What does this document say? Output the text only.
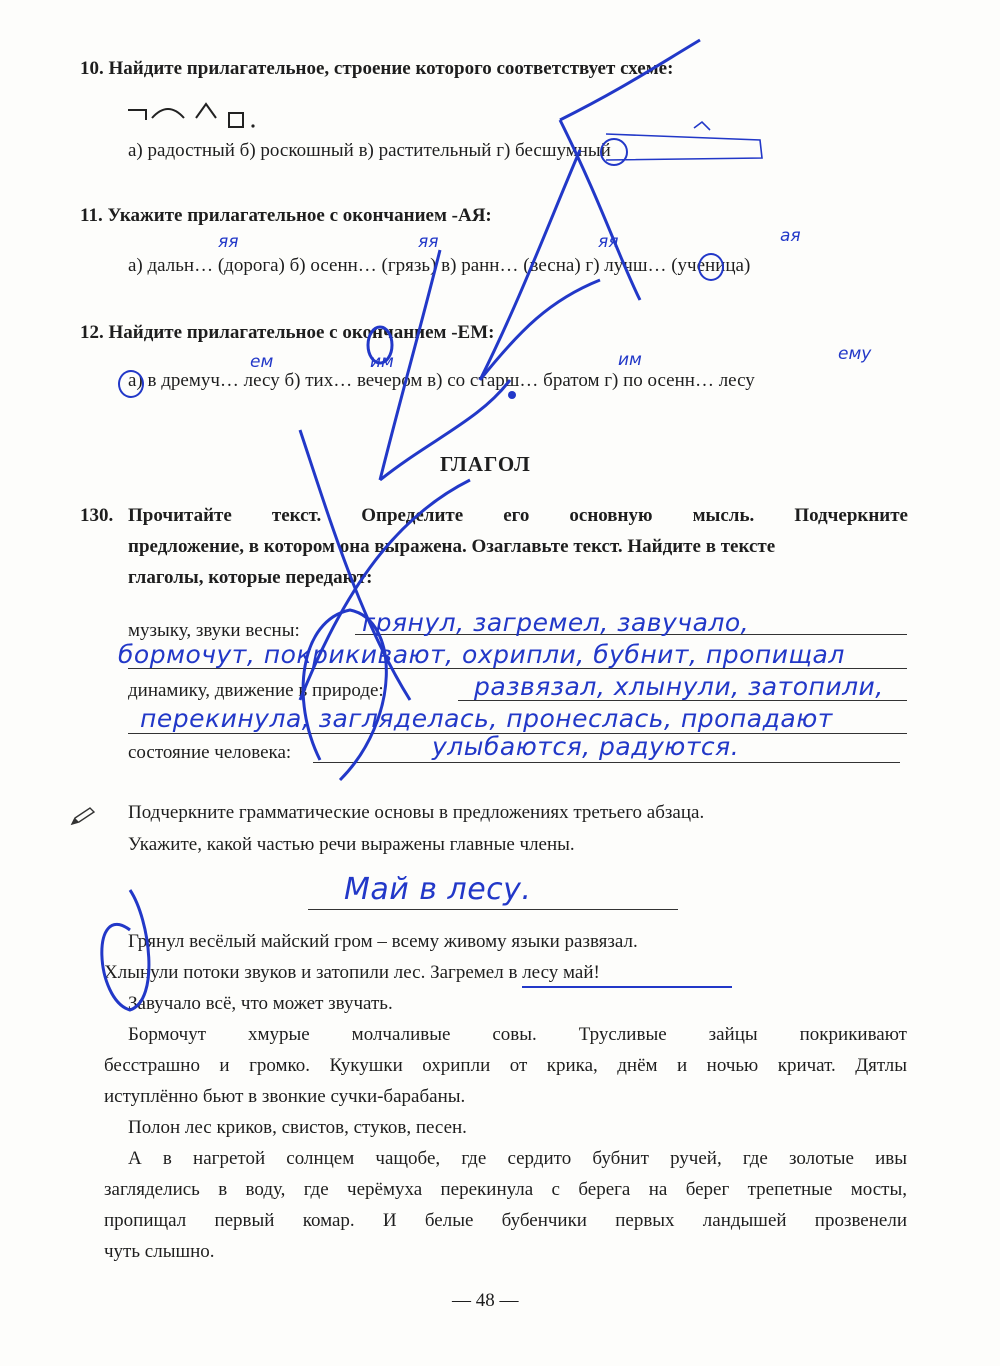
10. Найдите прилагательное, строение которого соответствует схеме:
а) радостный б) роскошный в) растительный г) бесшумный
11. Укажите прилагательное с окончанием -АЯ:
а) дальн… (дорога) б) осенн… (грязь) в) ранн… (весна) г) лучш… (ученица)
яя	яя	яя	ая
12. Найдите прилагательное с окончанием -ЕМ:
а) в дремуч… лесу б) тих… вечером в) со старш… братом г) по осенн… лесу
ем	им	им	ему
ГЛАГОЛ
130. Прочитайте текст. Определите его основную мысль. Подчеркните
предложение, в котором она выражена. Озаглавьте текст. Найдите в тексте
глаголы, которые передают:
музыку, звуки весны: грянул, загремел, завучало,
бормочут, покрикивают, охрипли, бубнит, пропищал
динамику, движение в природе:	развязал, хлынули, затопили,
перекинула, загляделась, пронеслась, пропадают
состояние человека:	улыбаются, радуются.
Подчеркните грамматические основы в предложениях третьего абзаца.
Укажите, какой частью речи выражены главные члены.
Май в лесу.
Грянул весёлый майский гром – всему живому языки развязал.
Хлынули потоки звуков и затопили лес. Загремел в лесу май!
Завучало всё, что может звучать.
Бормочут хмурые молчаливые совы. Трусливые зайцы покрикивают
бесстрашно и громко. Кукушки охрипли от крика, днём и ночью кричат. Дятлы
иступлённо бьют в звонкие сучки-барабаны.
Полон лес криков, свистов, стуков, песен.
А в нагретой солнцем чащобе, где сердито бубнит ручей, где золотые ивы
загляделись в воду, где черёмуха перекинула с берега на берег трепетные мосты,
пропищал первый комар. И белые бубенчики первых ландышей прозвенели
чуть слышно.
— 48 —
